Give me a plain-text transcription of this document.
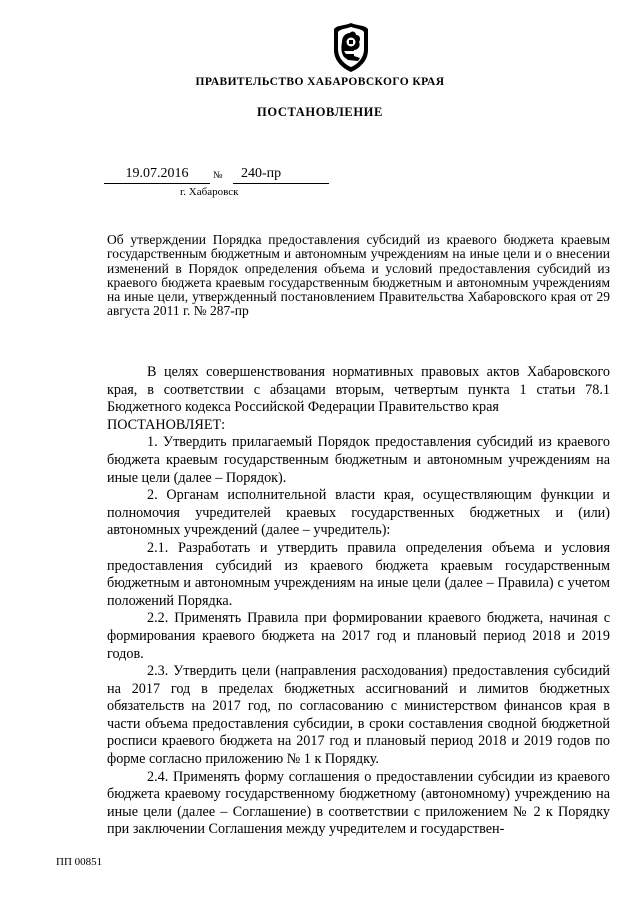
ПРАВИТЕЛЬСТВО ХАБАРОВСКОГО КРАЯ
ПОСТАНОВЛЕНИЕ
19.07.2016	№	240-пр
г. Хабаровск
Об утверждении Порядка предоставления субсидий из краевого бюджета краевым государственным бюджетным и автономным учреждениям на иные цели и о внесении изменений в Порядок определения объема и условий предоставления субсидий из краевого бюджета краевым государственным бюджетным и автономным учреждениям на иные цели, утвержденный постановлением Правительства Хабаровского края от 29 августа 2011 г. № 287-пр

В целях совершенствования нормативных правовых актов Хабаровского края, в соответствии с абзацами вторым, четвертым пункта 1 статьи 78.1 Бюджетного кодекса Российской Федерации Правительство края

ПОСТАНОВЛЯЕТ:

1. Утвердить прилагаемый Порядок предоставления субсидий из краевого бюджета краевым государственным бюджетным и автономным учреждениям на иные цели (далее – Порядок).

2. Органам исполнительной власти края, осуществляющим функции и полномочия учредителей краевых государственных бюджетных и (или) автономных учреждений (далее – учредитель):

2.1. Разработать и утвердить правила определения объема и условия предоставления субсидий из краевого бюджета краевым государственным бюджетным и автономным учреждениям на иные цели (далее – Правила) с учетом положений Порядка.

2.2. Применять Правила при формировании краевого бюджета, начиная с формирования краевого бюджета на 2017 год и плановый период 2018 и 2019 годов.

2.3. Утвердить цели (направления расходования) предоставления субсидий на 2017 год в пределах бюджетных ассигнований и лимитов бюджетных обязательств на 2017 год, по согласованию с министерством финансов края в части объема предоставления субсидии, в сроки составления сводной бюджетной росписи краевого бюджета на 2017 год и плановый период 2018 и 2019 годов по форме согласно приложению № 1 к Порядку.

2.4. Применять форму соглашения о предоставлении субсидии из краевого бюджета краевому государственному бюджетному (автономному) учреждению на иные цели (далее – Соглашение) в соответствии с приложением № 2 к Порядку при заключении Соглашения между учредителем и государствен-

ПП 00851
